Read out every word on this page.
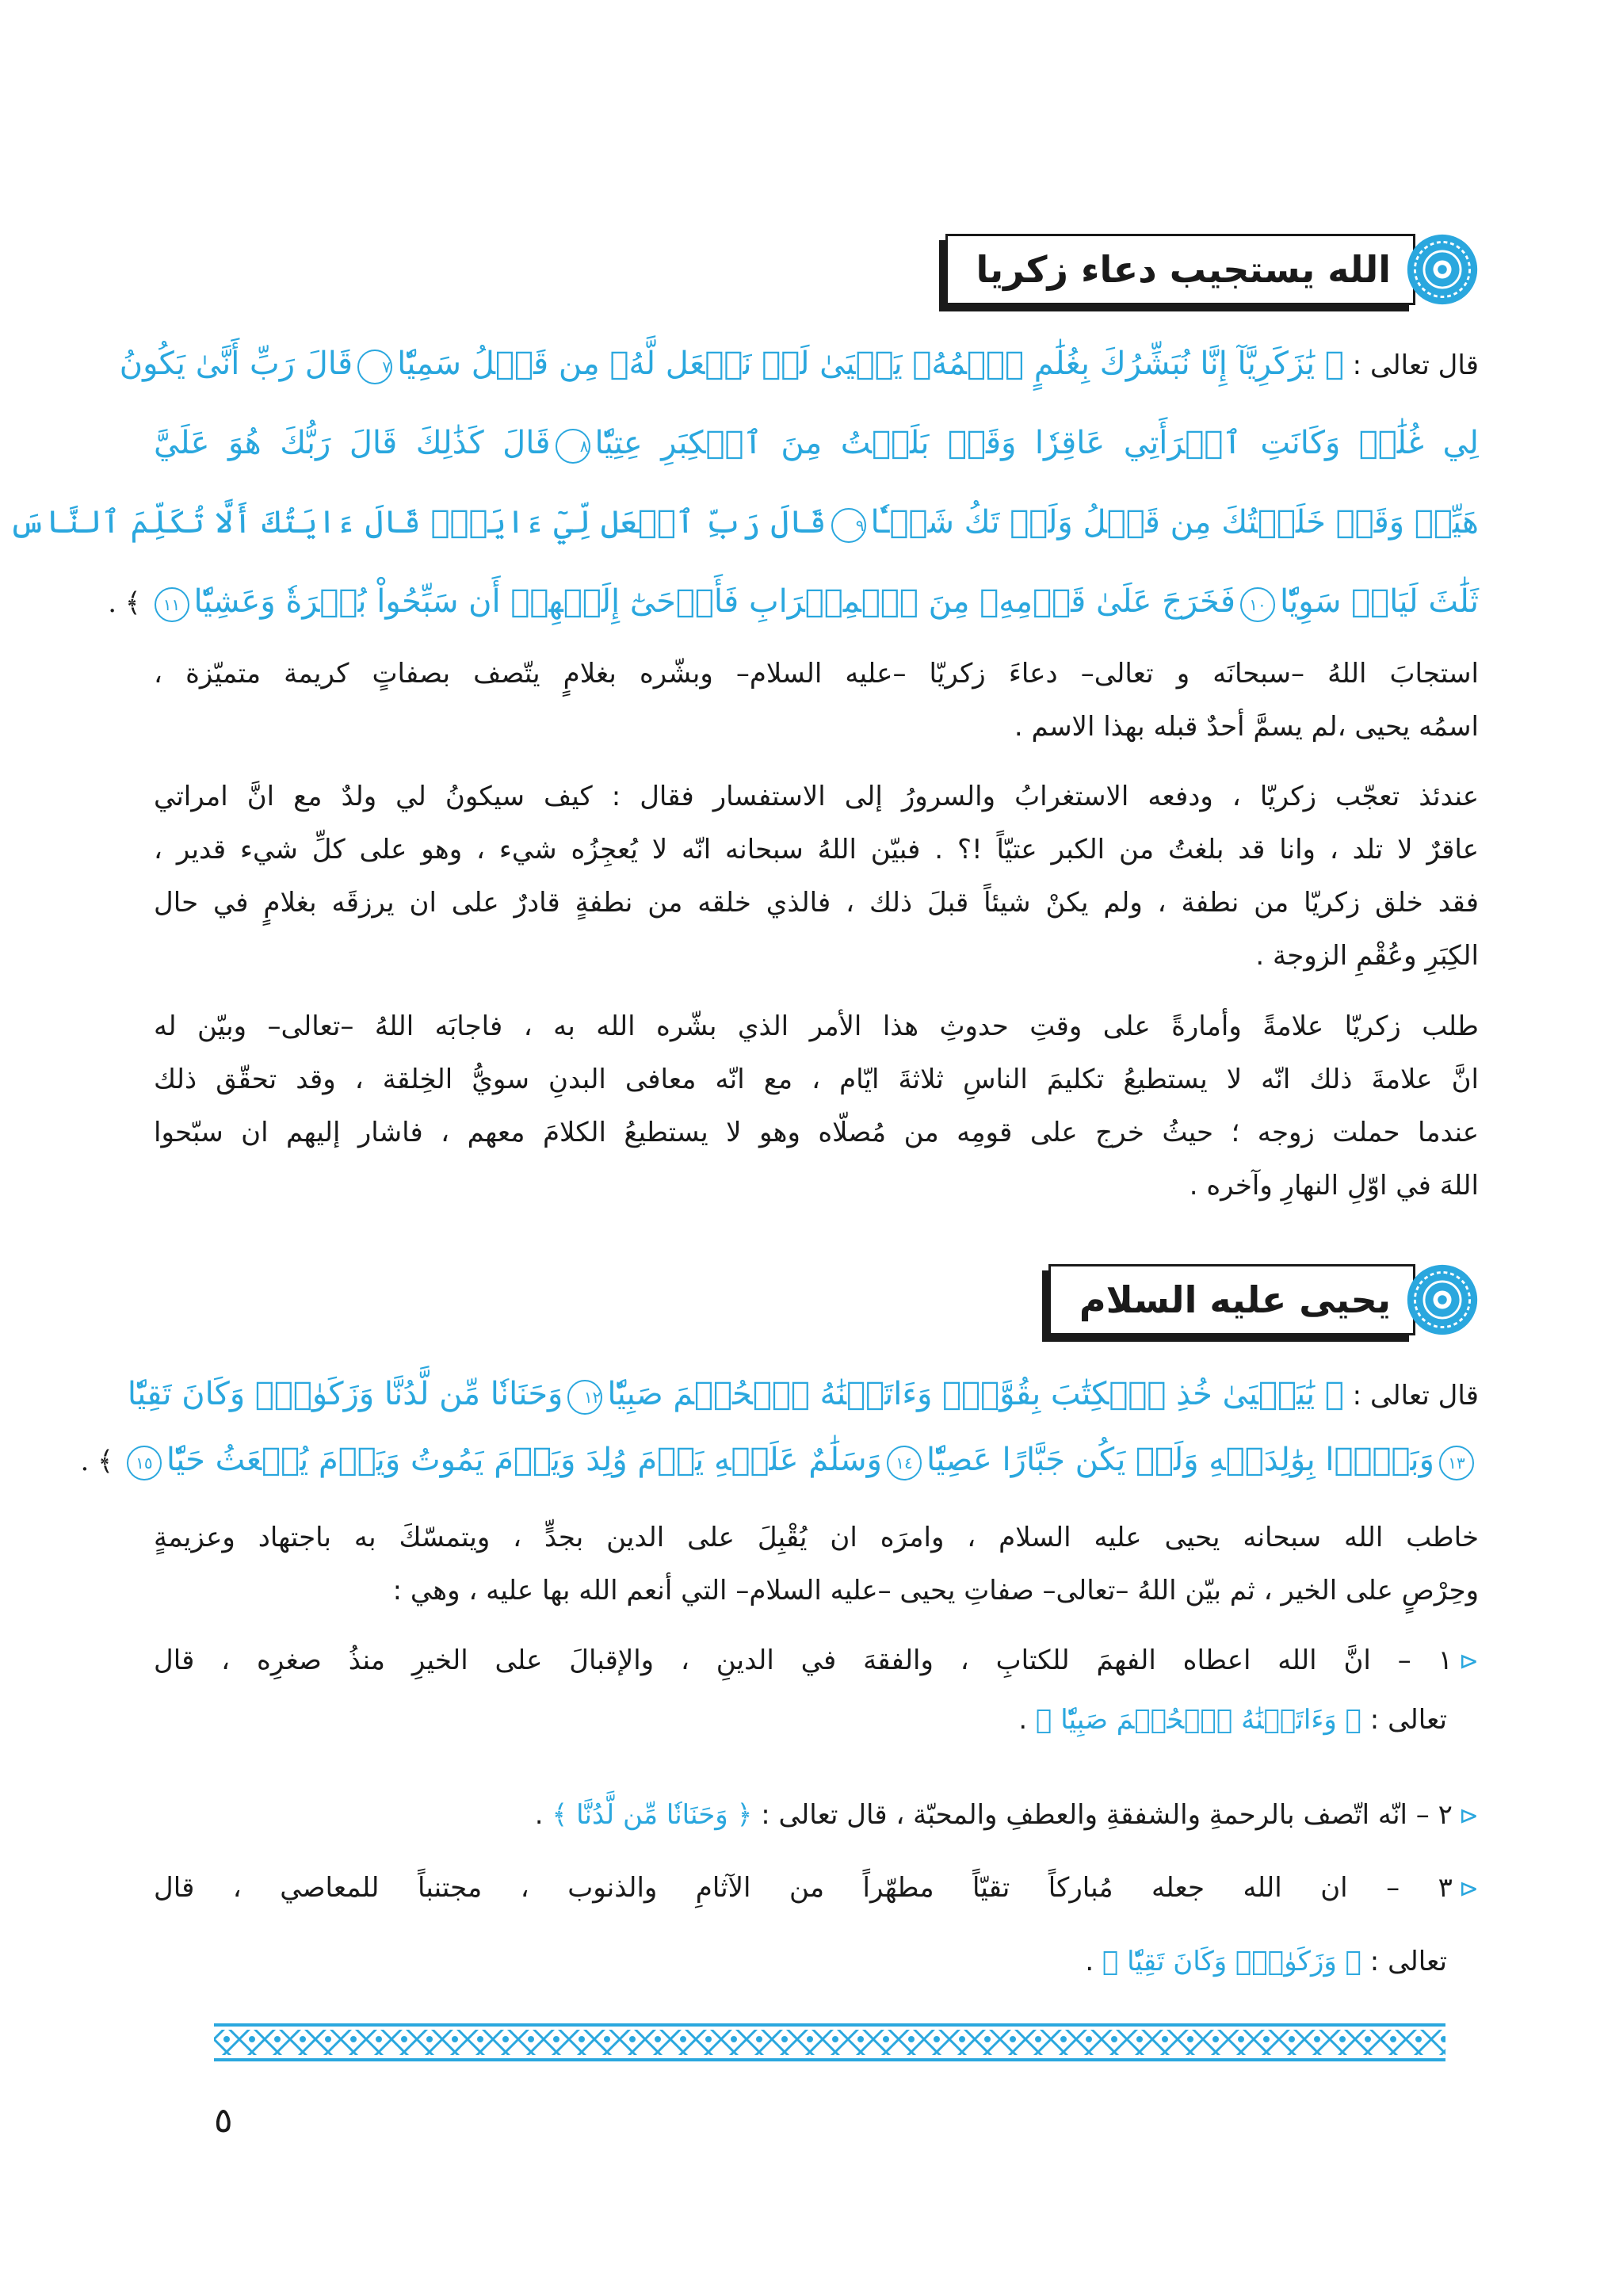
الله يستجيب دعاء زكريا
قال تعالى : ﴿ يَٰزَكَرِيَّآ إِنَّا نُبَشِّرُكَ بِغُلَٰمٍ ٱسۡمُهُۥ يَحۡيَىٰ لَمۡ نَجۡعَل لَّهُۥ مِن قَبۡلُ سَمِيّٗا٧قَالَ رَبِّ أَنَّىٰ يَكُونُ
لِي غُلَٰمٞ وَكَانَتِ ٱمۡرَأَتِي عَاقِرٗا وَقَدۡ بَلَغۡتُ مِنَ ٱلۡكِبَرِ عِتِيّٗا٨قَالَ كَذَٰلِكَ قَالَ رَبُّكَ هُوَ عَلَيَّ
هَيِّنٞ وَقَدۡ خَلَقۡتُكَ مِن قَبۡلُ وَلَمۡ تَكُ شَيۡـٔٗا٩قَالَ رَبِّ ٱجۡعَل لِّيٓ ءَايَةٗۚ قَالَ ءَايَتُكَ أَلَّا تُكَلِّمَ ٱلنَّاسَ
ثَلَٰثَ لَيَالٖ سَوِيّٗا١٠فَخَرَجَ عَلَىٰ قَوۡمِهِۦ مِنَ ٱلۡمِحۡرَابِ فَأَوۡحَىٰٓ إِلَيۡهِمۡ أَن سَبِّحُواْ بُكۡرَةٗ وَعَشِيّٗا١١ ﴾ .
استجابَ اللهُ –سبحانَه و تعالى– دعاءَ زكريّا –عليه السلام– وبشّره بغلامٍ يتّصف بصفاتٍ كريمة متميّزة ،
اسمُه يحيى ،لم يسمَّ أحدٌ قبله بهذا الاسم .
عندئذ تعجّب زكريّا ، ودفعه الاستغرابُ والسرورُ إلى الاستفسار فقال : كيف سيكونُ لي ولدٌ مع انَّ امراتي
عاقرٌ لا تلد ، وانا قد بلغتُ من الكبر عتيّاً !؟ . فبيّن اللهُ سبحانه انّه لا يُعجِزُه شيء ، وهو على كلِّ شيء قدير ،
فقد خلق زكريّا من نطفة ، ولم يكنْ شيئاً قبلَ ذلك ، فالذي خلقه من نطفةٍ قادرٌ على ان يرزقَه بغلامٍ في حال
الكِبَرِ وعُقْمِ الزوجة .
طلب زكريّا علامةً وأمارةً على وقتِ حدوثِ هذا الأمر الذي بشّره الله به ، فاجابَه اللهُ –تعالى– وبيّن له
انَّ علامةَ ذلك انّه لا يستطيعُ تكليمَ الناسِ ثلاثةَ ايّام ، مع انّه معافى البدنِ سويُّ الخِلقة ، وقد تحقّق ذلك
عندما حملت زوجه ؛ حيثُ خرج على قومِه من مُصلّاه وهو لا يستطيعُ الكلامَ معهم ، فاشار إليهم ان سبّحوا
اللهَ في اوّلِ النهارِ وآخره .
يحيى عليه السلام
قال تعالى : ﴿ يَٰيَحۡيَىٰ خُذِ ٱلۡكِتَٰبَ بِقُوَّةٖۖ وَءَاتَيۡنَٰهُ ٱلۡحُكۡمَ صَبِيّٗا١٢وَحَنَانٗا مِّن لَّدُنَّا وَزَكَوٰةٗۖ وَكَانَ تَقِيّٗا
١٣وَبَرَّۢا بِوَٰلِدَيۡهِ وَلَمۡ يَكُن جَبَّارًا عَصِيّٗا١٤وَسَلَٰمٌ عَلَيۡهِ يَوۡمَ وُلِدَ وَيَوۡمَ يَمُوتُ وَيَوۡمَ يُبۡعَثُ حَيّٗا١٥ ﴾ .
خاطب الله سبحانه يحيى عليه السلام ، وامرَه ان يُقْبِلَ على الدين بجدٍّ ، ويتمسّكَ به باجتهاد وعزيمةٍ
وحِرْصٍ على الخير ، ثم بيّن اللهُ –تعالى– صفاتِ يحيى –عليه السلام– التي أنعم الله بها عليه ، وهي :
⊲١ – انَّ الله اعطاه الفهمَ للكتابِ ، والفقهَ في الدينِ ، والإقبالَ على الخيرِ منذُ صغرِه ، قال
تعالى : ﴿ وَءَاتَيۡنَٰهُ ٱلۡحُكۡمَ صَبِيّٗا ﴾ .
⊲٢ – انّه اتّصف بالرحمةِ والشفقةِ والعطفِ والمحبّة ، قال تعالى : ﴿ وَحَنَانٗا مِّن لَّدُنَّا ﴾ .
⊲٣ – ان الله جعله مُباركاً تقيّاً مطهّراً من الآثامِ والذنوب ، مجتنباً للمعاصي ، قال
تعالى : ﴿ وَزَكَوٰةٗۖ وَكَانَ تَقِيّٗا ﴾ .
٥
